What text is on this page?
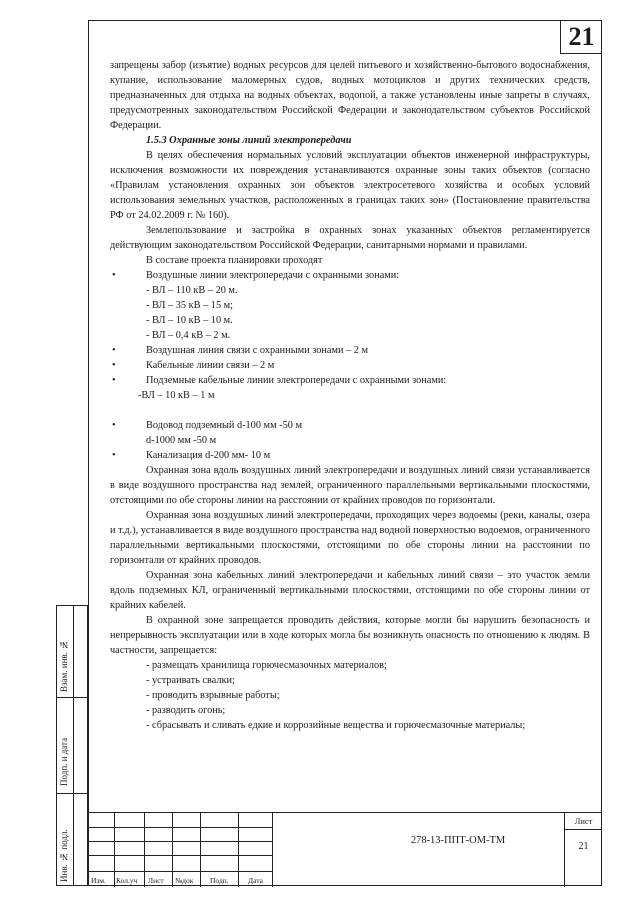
21

запрещены забор (изъятие) водных ресурсов для целей питьевого и хозяйственно-бытового водоснабжения, купание, использование маломерных судов, водных мотоциклов и других технических средств, предназначенных для отдыха на водных объектах, водопой, а также установлены иные запреты в случаях, предусмотренных законодательством Российской Федерации и законодательством субъектов Российской Федерации.

1.5.3 Охранные зоны линий электропередачи

В целях обеспечения нормальных условий эксплуатации объектов инженерной инфраструктуры, исключения возможности их повреждения устанавливаются охранные зоны таких объектов (согласно «Правилам установления охранных зон объектов электросетевого хозяйства и особых условий использования земельных участков, расположенных в границах таких зон» (Постановление правительства РФ от 24.02.2009 г. № 160).

Землепользование и застройка в охранных зонах указанных объектов регламентируется действующим законодательством Российской Федерации, санитарными нормами и правилами.

В составе проекта планировки проходят

• Воздушные линии электропередачи с охранными зонами:

- ВЛ – 110 кВ – 20 м.

- ВЛ – 35 кВ – 15 м;

- ВЛ – 10 кВ – 10 м.

- ВЛ – 0,4 кВ – 2 м.

• Воздушная линия связи с охранными зонами – 2 м

• Кабельные линии связи – 2 м

• Подземные кабельные линии электропередачи с охранными зонами:

-ВЛ – 10 кВ – 1 м

• Водовод подземный d-100 мм -50 м

d-1000 мм -50 м

• Канализация d-200 мм- 10 м

Охранная зона вдоль воздушных линий электропередачи и воздушных линий связи устанавливается в виде воздушного пространства над землей, ограниченного параллельными вертикальными плоскостями, отстоящими по обе стороны линии на расстоянии от крайних проводов по горизонтали.

Охранная зона воздушных линий электропередачи, проходящих через водоемы (реки, каналы, озера и т.д.), устанавливается в виде воздушного пространства над водной поверхностью водоемов, ограниченного параллельными вертикальными плоскостями, отстоящими по обе стороны линии на расстоянии по горизонтали от крайних проводов.

Охранная зона кабельных линий электропередачи и кабельных линий связи – это участок земли вдоль подземных КЛ, ограниченный вертикальными плоскостями, отстоящими по обе стороны линии от крайних кабелей.

В охранной зоне запрещается проводить действия, которые могли бы нарушить безопасность и непрерывность эксплуатации или в ходе которых могла бы возникнуть опасность по отношению к людям. В частности, запрещается:

- размещать хранилища горючесмазочных материалов;

- устраивать свалки;

- проводить взрывные работы;

- разводить огонь;

- сбрасывать и сливать едкие и коррозийные вещества и горючесмазочные материалы;

Взам. инв. №
Подп. и дата
Инв. № подл.	Изм. Кол.уч Лист №док Подп.	Дата
278-13-ППТ-ОМ-ТМ
Лист
21
